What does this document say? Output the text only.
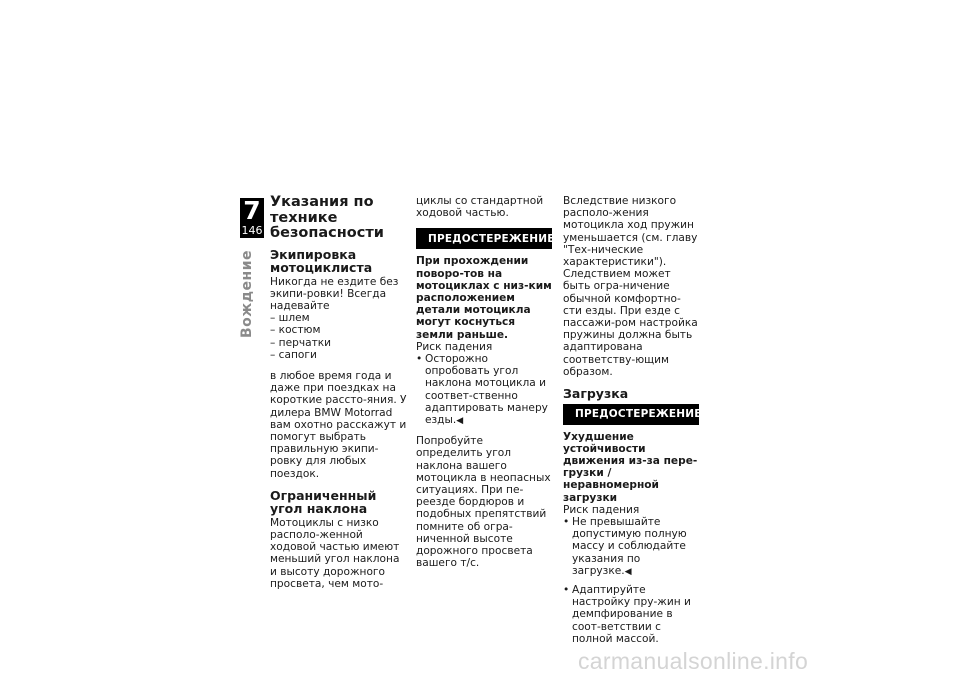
7
146
Вождение
Указания по технике безопасности
Экипировка мотоциклиста

Никогда не ездите без экипи-ровки! Всегда надевайте

– шлем
– костюм
– перчатки
– сапоги

в любое время года и даже при поездках на короткие рассто-яния. У дилера BMW Motorrad вам охотно расскажут и помогут выбрать правильную экипи-ровку для любых поездок.

Ограниченный угол наклона

Мотоциклы с низко располо-женной ходовой частью имеют меньший угол наклона и высоту дорожного просвета, чем мото-

циклы со стандартной ходовой частью.

ПРЕДОСТЕРЕЖЕНИЕ

При прохождении поворо-тов на мотоциклах с низ-ким расположением детали мотоцикла могут коснуться земли раньше.

Риск падения

• Осторожно опробовать угол наклона мотоцикла и соответ-ственно адаптировать манеру езды.◀

Попробуйте определить угол наклона вашего мотоцикла в неопасных ситуациях. При пе-реезде бордюров и подобных препятствий помните об огра-ниченной высоте дорожного просвета вашего т/с.

Вследствие низкого располо-жения мотоцикла ход пружин уменьшается (см. главу "Тех-нические характеристики"). Следствием может быть огра-ничение обычной комфортно-сти езды. При езде с пассажи-ром настройка пружины должна быть адаптирована соответству-ющим образом.

Загрузка
ПРЕДОСТЕРЕЖЕНИЕ

Ухудшение устойчивости движения из-за пере-грузки / неравномерной загрузки

Риск падения

• Не превышайте допустимую полную массу и соблюдайте указания по загрузке.◀
• Адаптируйте настройку пру-жин и демпфирование в соот-ветствии с полной массой.
carmanualsonline.info
